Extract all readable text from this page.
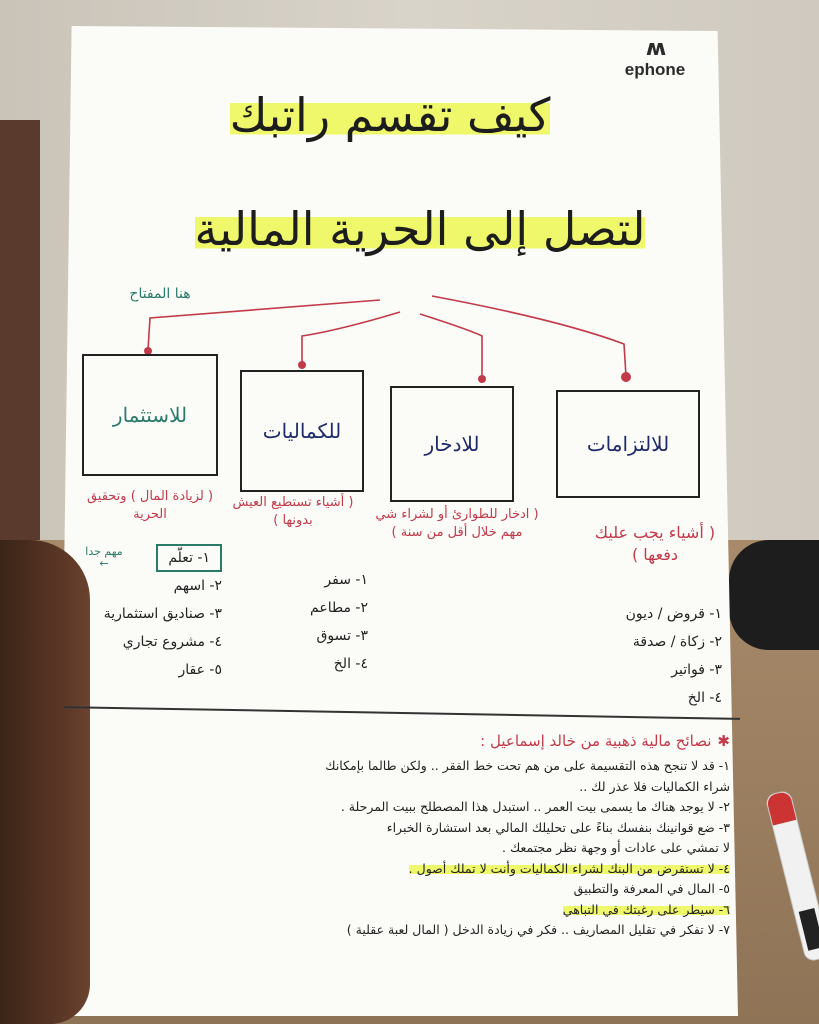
ʍ
ephone
كيف تقسم راتبك
لتصل إلى الحرية المالية
هنا المفتاح
للاستثمار
للكماليات
للادخار	للالتزامات
( لزيادة المال ) وتحقيق الحرية
( أشياء تستطيع العيش بدونها )	( ادخار للطوارئ أو لشراء شي مهم خلال أقل من سنة )	( أشياء يجب عليك دفعها )
مهم جدا ←	١- تعلّم
٢- اسهم
٣- صناديق استثمارية
٤- مشروع تجاري
٥- عقار
١- سفر
٢- مطاعم
٣- تسوق
٤- الخ
١- قروض / ديون
٢- زكاة / صدقة
٣- فواتير
٤- الخ
✱نصائح مالية ذهبية من خالد إسماعيل :
١- قد لا تنجح هذه التقسيمة على من هم تحت خط الفقر .. ولكن طالما بإمكانك
شراء الكماليات فلا عذر لك ..
٢- لا يوجد هناك ما يسمى بيت العمر .. استبدل هذا المصطلح ببيت المرحلة .
٣- ضع قوانينك بنفسك بناءً على تحليلك المالي بعد استشارة الخبراء
لا تمشي على عادات أو وجهة نظر مجتمعك .
٤- لا تستقرض من البنك لشراء الكماليات وأنت لا تملك أصول .
٥- المال في المعرفة والتطبيق
٦- سيطر على رغبتك في التباهي
٧- لا تفكر في تقليل المصاريف .. فكر في زيادة الدخل ( المال لعبة عقلية )
